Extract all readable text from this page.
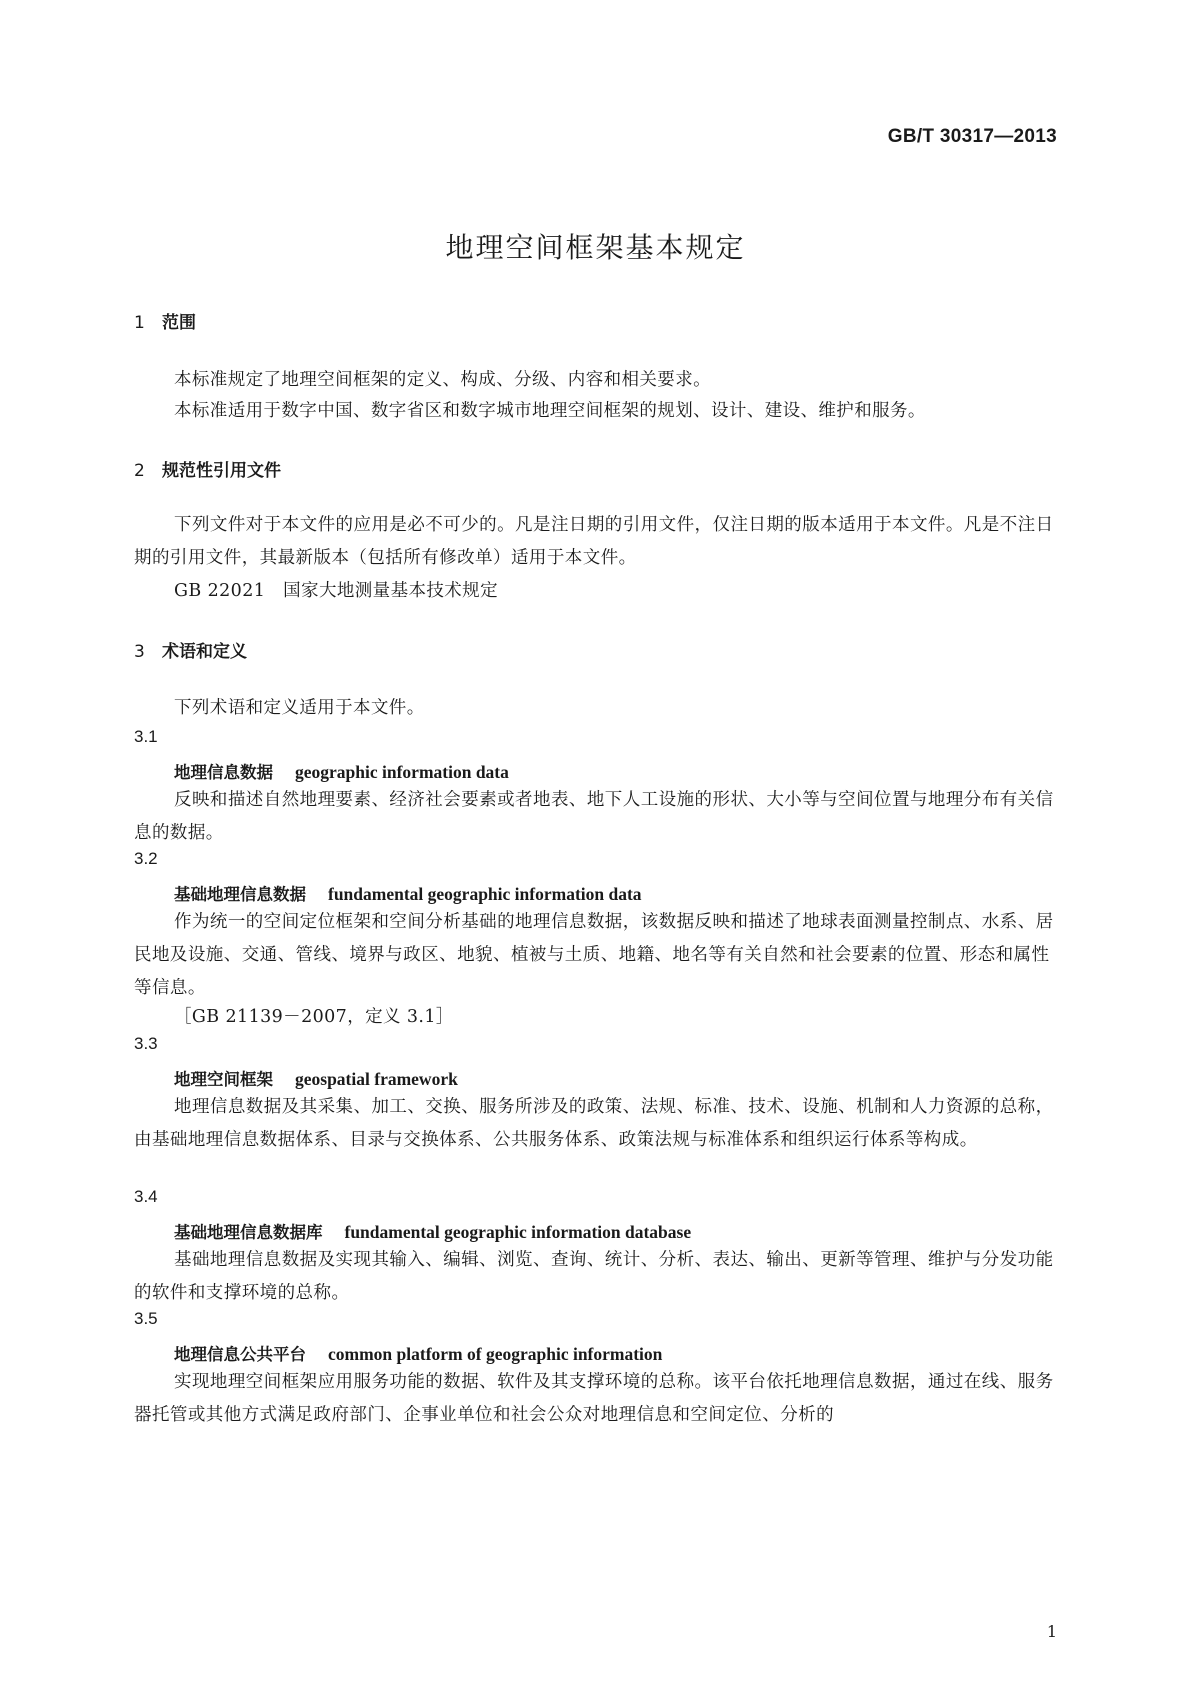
GB/T 30317—2013
地理空间框架基本规定
1 范围
本标准规定了地理空间框架的定义、构成、分级、内容和相关要求。
本标准适用于数字中国、数字省区和数字城市地理空间框架的规划、设计、建设、维护和服务。
2 规范性引用文件
下列文件对于本文件的应用是必不可少的。凡是注日期的引用文件，仅注日期的版本适用于本文件。凡是不注日期的引用文件，其最新版本（包括所有修改单）适用于本文件。
GB 22021　国家大地测量基本技术规定
3 术语和定义
下列术语和定义适用于本文件。
3.1
地理信息数据 geographic information data
反映和描述自然地理要素、经济社会要素或者地表、地下人工设施的形状、大小等与空间位置与地理分布有关信息的数据。
3.2
基础地理信息数据 fundamental geographic information data
作为统一的空间定位框架和空间分析基础的地理信息数据，该数据反映和描述了地球表面测量控制点、水系、居民地及设施、交通、管线、境界与政区、地貌、植被与土质、地籍、地名等有关自然和社会要素的位置、形态和属性等信息。
［GB 21139－2007，定义 3.1］
3.3
地理空间框架 geospatial framework
地理信息数据及其采集、加工、交换、服务所涉及的政策、法规、标准、技术、设施、机制和人力资源的总称，由基础地理信息数据体系、目录与交换体系、公共服务体系、政策法规与标准体系和组织运行体系等构成。
3.4
基础地理信息数据库 fundamental geographic information database
基础地理信息数据及实现其输入、编辑、浏览、查询、统计、分析、表达、输出、更新等管理、维护与分发功能的软件和支撑环境的总称。
3.5
地理信息公共平台 common platform of geographic information
实现地理空间框架应用服务功能的数据、软件及其支撑环境的总称。该平台依托地理信息数据，通过在线、服务器托管或其他方式满足政府部门、企事业单位和社会公众对地理信息和空间定位、分析的
1
